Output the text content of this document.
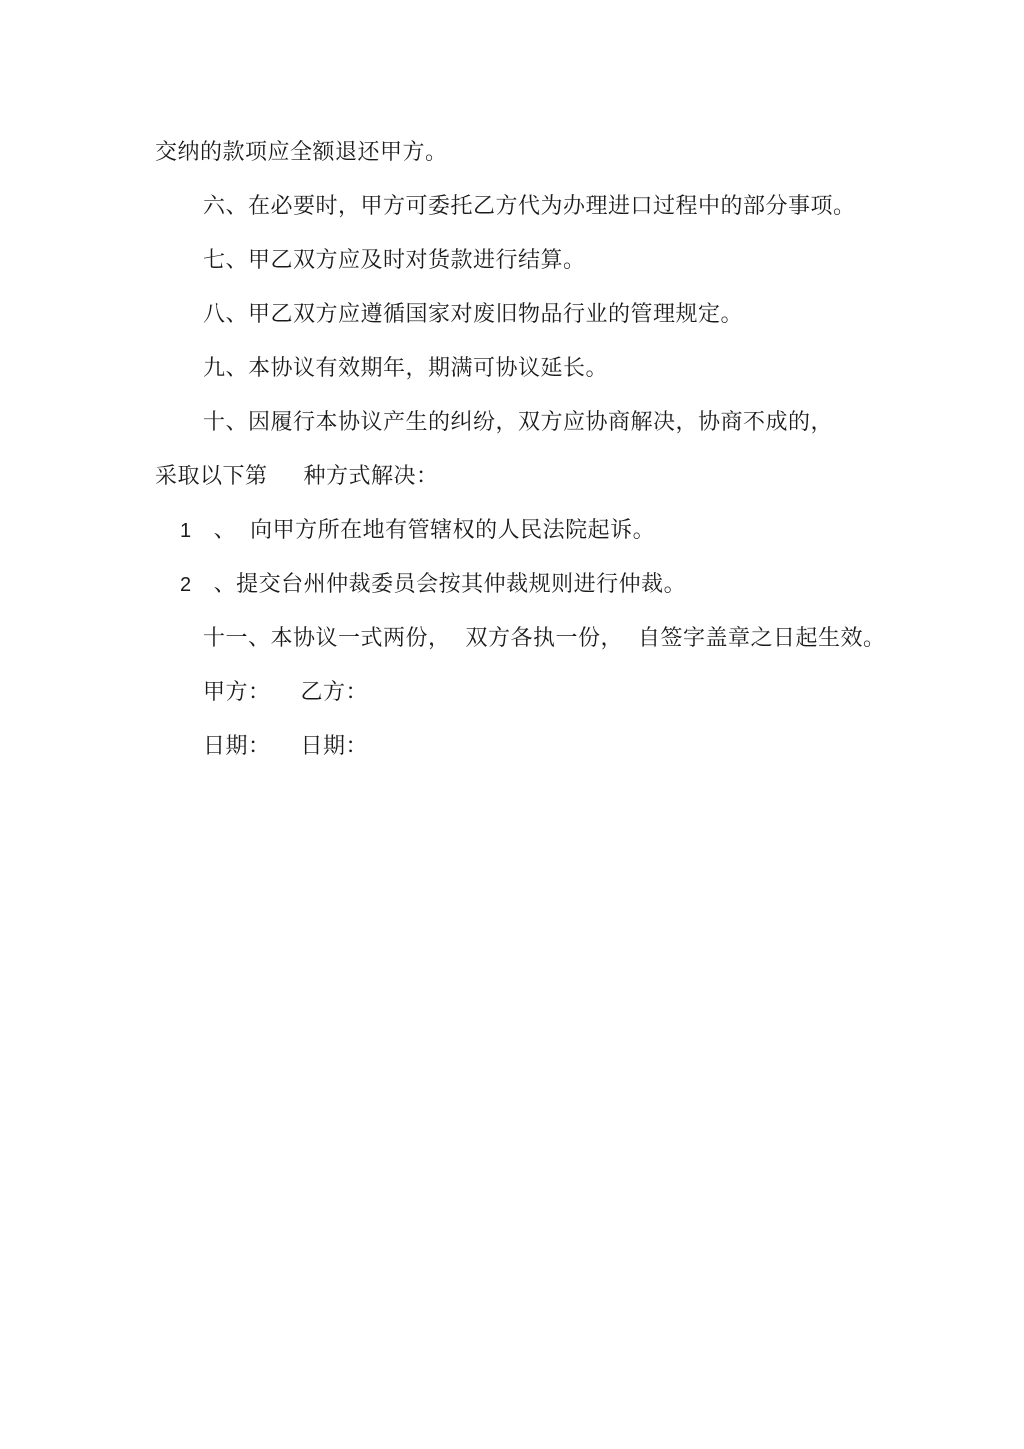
交纳的款项应全额退还甲方。
六、在必要时，甲方可委托乙方代为办理进口过程中的部分事项。
七、甲乙双方应及时对货款进行结算。
八、甲乙双方应遵循国家对废旧物品行业的管理规定。
九、本协议有效期年，期满可协议延长。
十、因履行本协议产生的纠纷，双方应协商解决，协商不成的，
采取以下第 种方式解决：
1 、 向甲方所在地有管辖权的人民法院起诉。
2 、提交台州仲裁委员会按其仲裁规则进行仲裁。
十一、本协议一式两份，  双方各执一份，  自签字盖章之日起生效。
甲方： 乙方：
日期： 日期：
